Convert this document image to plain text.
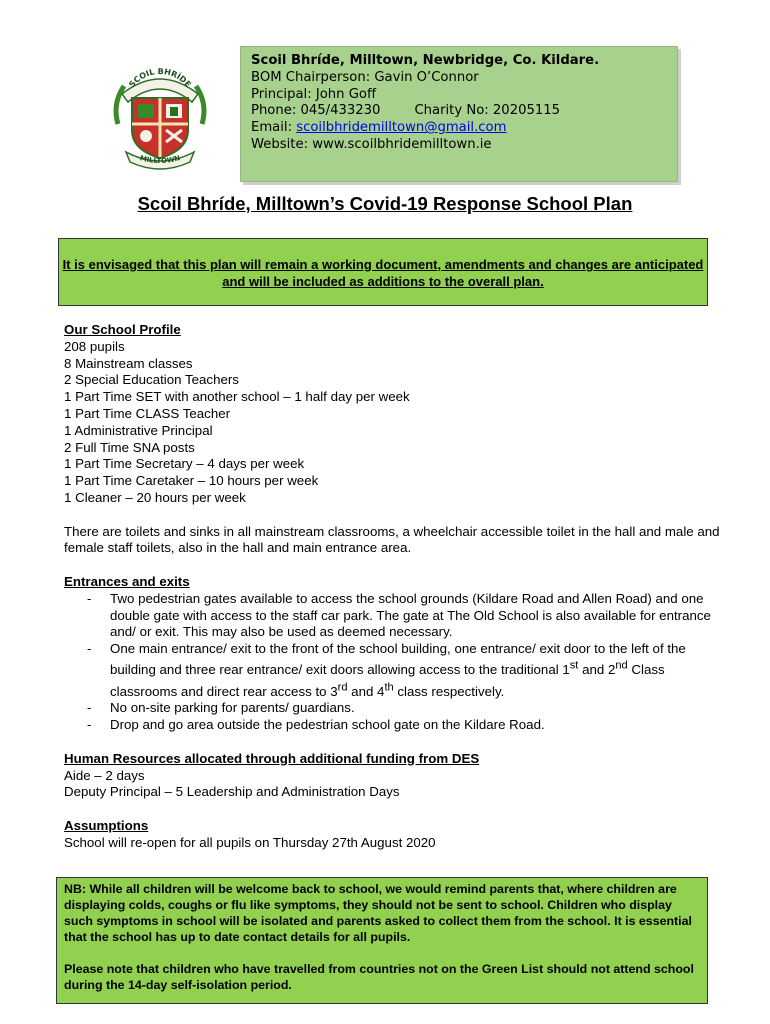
SCOIL BHRÍDE
MILLTOWN
Scoil Bhríde, Milltown, Newbridge, Co. Kildare.
BOM Chairperson: Gavin O’Connor
Principal: John Goff
Phone: 045/433230	Charity No: 20205115
Email: scoilbhridemilltown@gmail.com
Website: www.scoilbhridemilltown.ie
Scoil Bhríde, Milltown’s Covid-19 Response School Plan
It is envisaged that this plan will remain a working document, amendments and changes are anticipated and will be included as additions to the overall plan.
Our School Profile
208 pupils
8 Mainstream classes
2 Special Education Teachers
1 Part Time SET with another school – 1 half day per week
1 Part Time CLASS Teacher
1 Administrative Principal
2 Full Time SNA posts
1 Part Time Secretary – 4 days per week
1 Part Time Caretaker – 10 hours per week
1 Cleaner – 20 hours per week
There are toilets and sinks in all mainstream classrooms, a wheelchair accessible toilet in the hall and male and female staff toilets, also in the hall and main entrance area.
Entrances and exits
- Two pedestrian gates available to access the school grounds (Kildare Road and Allen Road) and one double gate with access to the staff car park. The gate at The Old School is also available for entrance and/ or exit. This may also be used as deemed necessary.
- One main entrance/ exit to the front of the school building, one entrance/ exit door to the left of the building and three rear entrance/ exit doors allowing access to the traditional 1st and 2nd Class classrooms and direct rear access to 3rd and 4th class respectively.
- No on-site parking for parents/ guardians.
- Drop and go area outside the pedestrian school gate on the Kildare Road.
Human Resources allocated through additional funding from DES
Aide – 2 days
Deputy Principal – 5 Leadership and Administration Days
Assumptions
School will re-open for all pupils on Thursday 27th August 2020
NB: While all children will be welcome back to school, we would remind parents that, where children are displaying colds, coughs or flu like symptoms, they should not be sent to school. Children who display such symptoms in school will be isolated and parents asked to collect them from the school. It is essential that the school has up to date contact details for all pupils.
Please note that children who have travelled from countries not on the Green List should not attend school during the 14-day self-isolation period.
